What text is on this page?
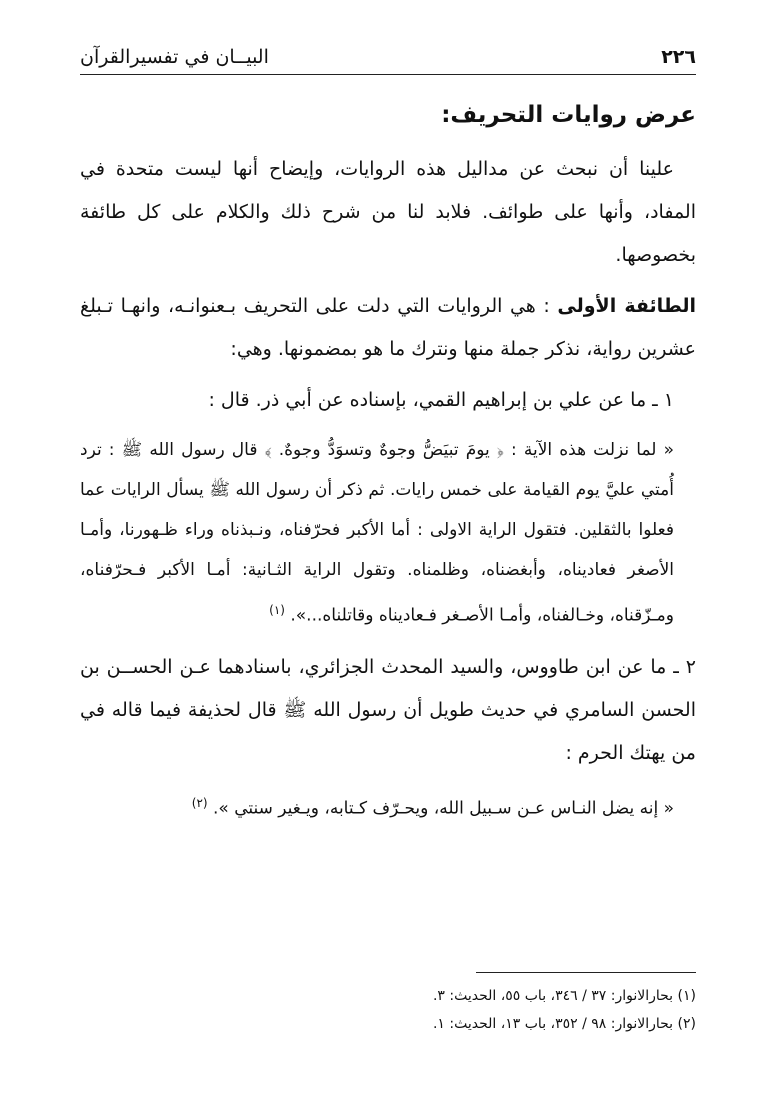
٢٢٦
البيــان في تفسيرالقرآن
عرض روايات التحريف:

علينا أن نبحث عن مداليل هذه الروايات، وإيضاح أنها ليست متحدة في المفاد، وأنها على طوائف. فلابد لنا من شرح ذلك والكلام على كل طائفة بخصوصها.

الطائفة الأولى : هي الروايات التي دلت على التحريف بـعنوانـه، وانهـا تـبلغ عشرين رواية، نذكر جملة منها ونترك ما هو بمضمونها. وهي:

١ ـ ما عن علي بن إبراهيم القمي، بإسناده عن أبي ذر. قال :

« لما نزلت هذه الآية : ﴿ يومَ تبيَضُّ وجوهٌ وتسوَدُّ وجوهٌ. ﴾ قال رسول الله ﷺ : ترد أُمتي عليَّ يوم القيامة على خمس رايات. ثم ذكر أن رسول الله ﷺ يسأل الرايات عما فعلوا بالثقلين. فتقول الراية الاولى : أما الأكبر فحرّفناه، ونـبذناه وراء ظـهورنا، وأمـا الأصغر فعاديناه، وأبغضناه، وظلمناه. وتقول الراية الثـانية: أمـا الأكبر فـحرّفناه، ومـزّقناه، وخـالفناه، وأمـا الأصـغر فـعاديناه وقاتلناه...». $^{(١)}$

٢ ـ ما عن ابن طاووس، والسيد المحدث الجزائري، باسنادهما عـن الحســن بن الحسن السامري في حديث طويل أن رسول الله ﷺ قال لحذيفة فيما قاله في من يهتك الحرم :

« إنه يضل النـاس عـن سـبيل الله، ويحـرّف كـتابه، ويـغير سنتي ». $^{(٢)}$

(١) بحارالانوار: ٣٧ / ٣٤٦، باب ٥٥، الحديث: ٣.

(٢) بحارالانوار: ٩٨ / ٣٥٢، باب ١٣، الحديث: ١.
